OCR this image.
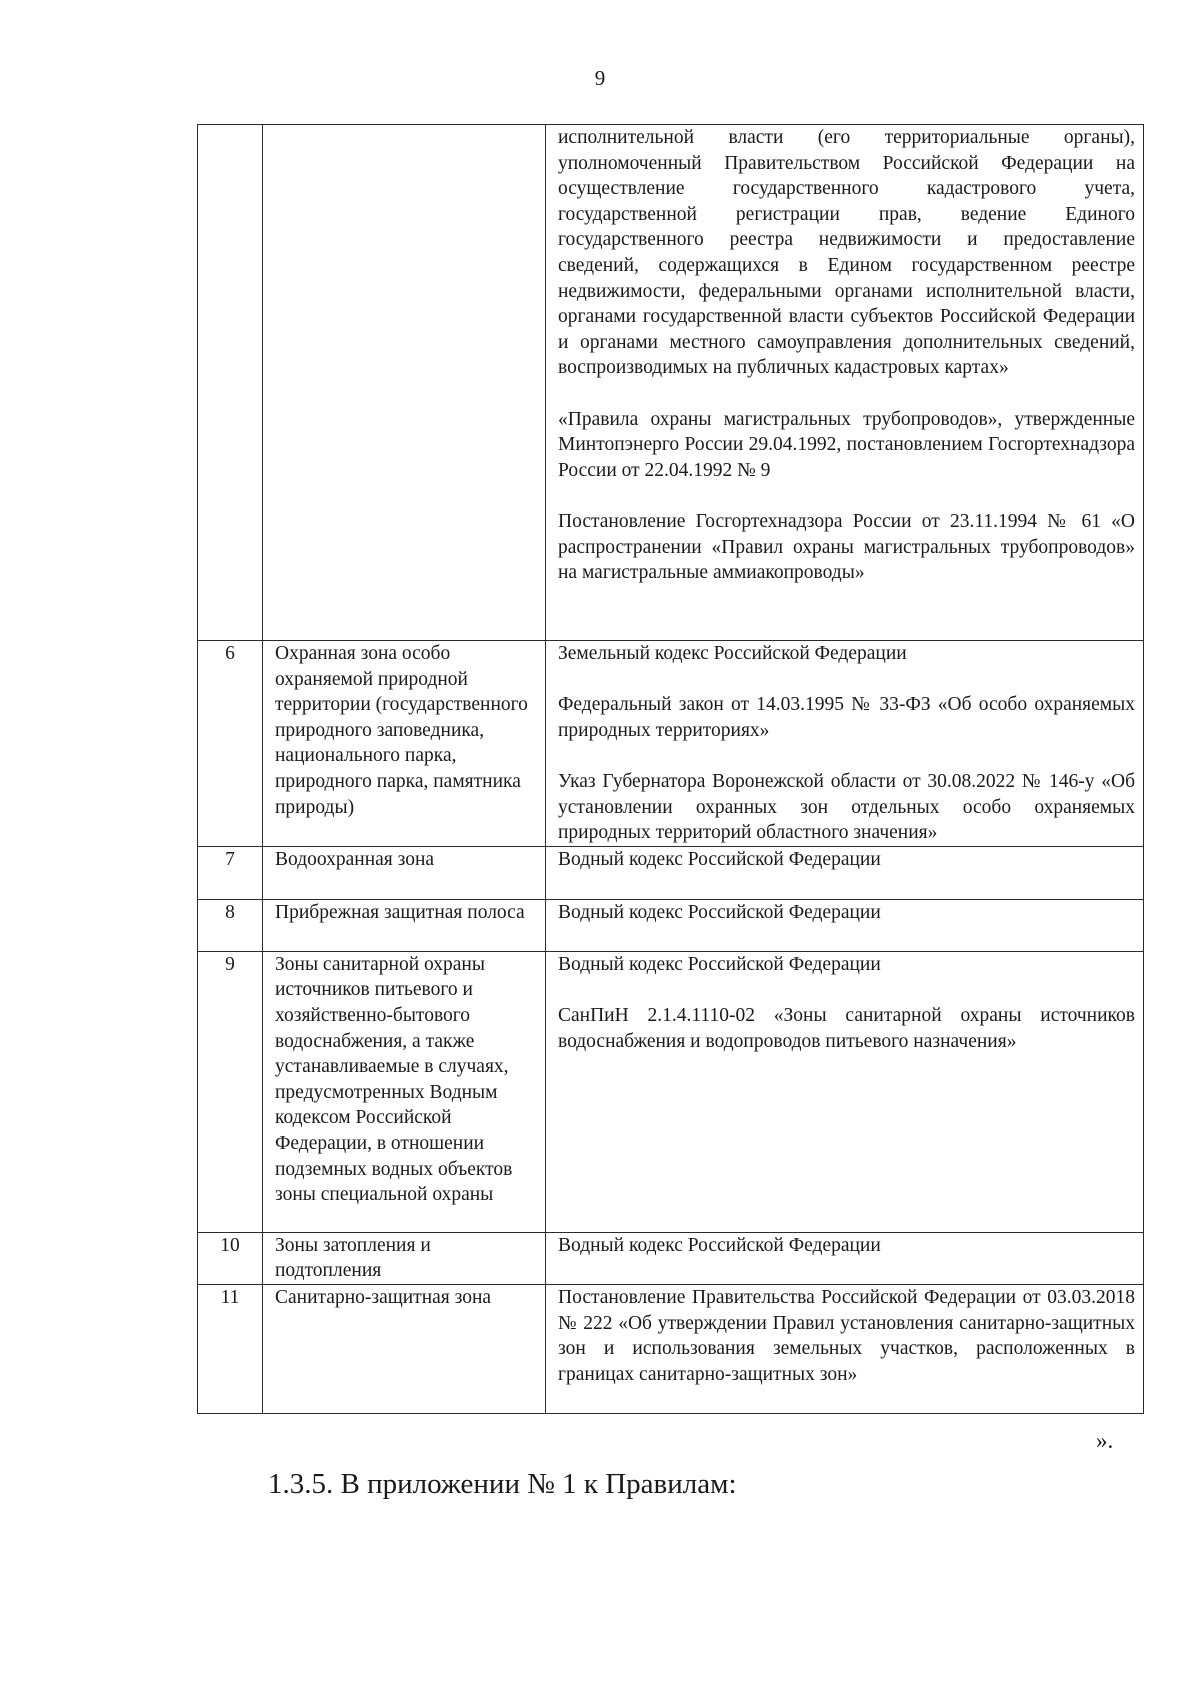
9

		исполнительной власти (его территориальные органы), уполномоченный Правительством Российской Федерации на осуществление государственного кадастрового учета, государственной регистрации прав, ведение Единого государственного реестра недвижимости и предоставление сведений, содержащихся в Едином государственном реестре недвижимости, федеральными органами исполнительной власти, органами государственной власти субъектов Российской Федерации и органами местного самоуправления дополнительных сведений, воспроизводимых на публичных кадастровых картах»

«Правила охраны магистральных трубопроводов», утвержденные Минтопэнерго России 29.04.1992, постановлением Госгортехнадзора России от 22.04.1992 № 9

Постановление Госгортехнадзора России от 23.11.1994 № 61 «О распространении «Правил охраны магистральных трубопроводов» на магистральные аммиакопроводы»

6	Охранная зона особо охраняемой природной территории (государственного природного заповедника, национального парка, природного парка, памятника природы)	Земельный кодекс Российской Федерации

Федеральный закон от 14.03.1995 № 33-ФЗ «Об особо охраняемых природных территориях»

Указ Губернатора Воронежской области от 30.08.2022 № 146-у «Об установлении охранных зон отдельных особо охраняемых природных территорий областного значения»

7	Водоохранная зона	Водный кодекс Российской Федерации

8	Прибрежная защитная полоса	Водный кодекс Российской Федерации

9	Зоны санитарной охраны источников питьевого и хозяйственно-бытового водоснабжения, а также устанавливаемые в случаях, предусмотренных Водным кодексом Российской Федерации, в отношении подземных водных объектов зоны специальной охраны	Водный кодекс Российской Федерации

СанПиН 2.1.4.1110-02 «Зоны санитарной охраны источников водоснабжения и водопроводов питьевого назначения»

10	Зоны затопления и подтопления	Водный кодекс Российской Федерации

11	Санитарно-защитная зона	Постановление Правительства Российской Федерации от 03.03.2018 № 222 «Об утверждении Правил установления санитарно-защитных зон и использования земельных участков, расположенных в границах санитарно-защитных зон»

».
1.3.5. В приложении № 1 к Правилам:
